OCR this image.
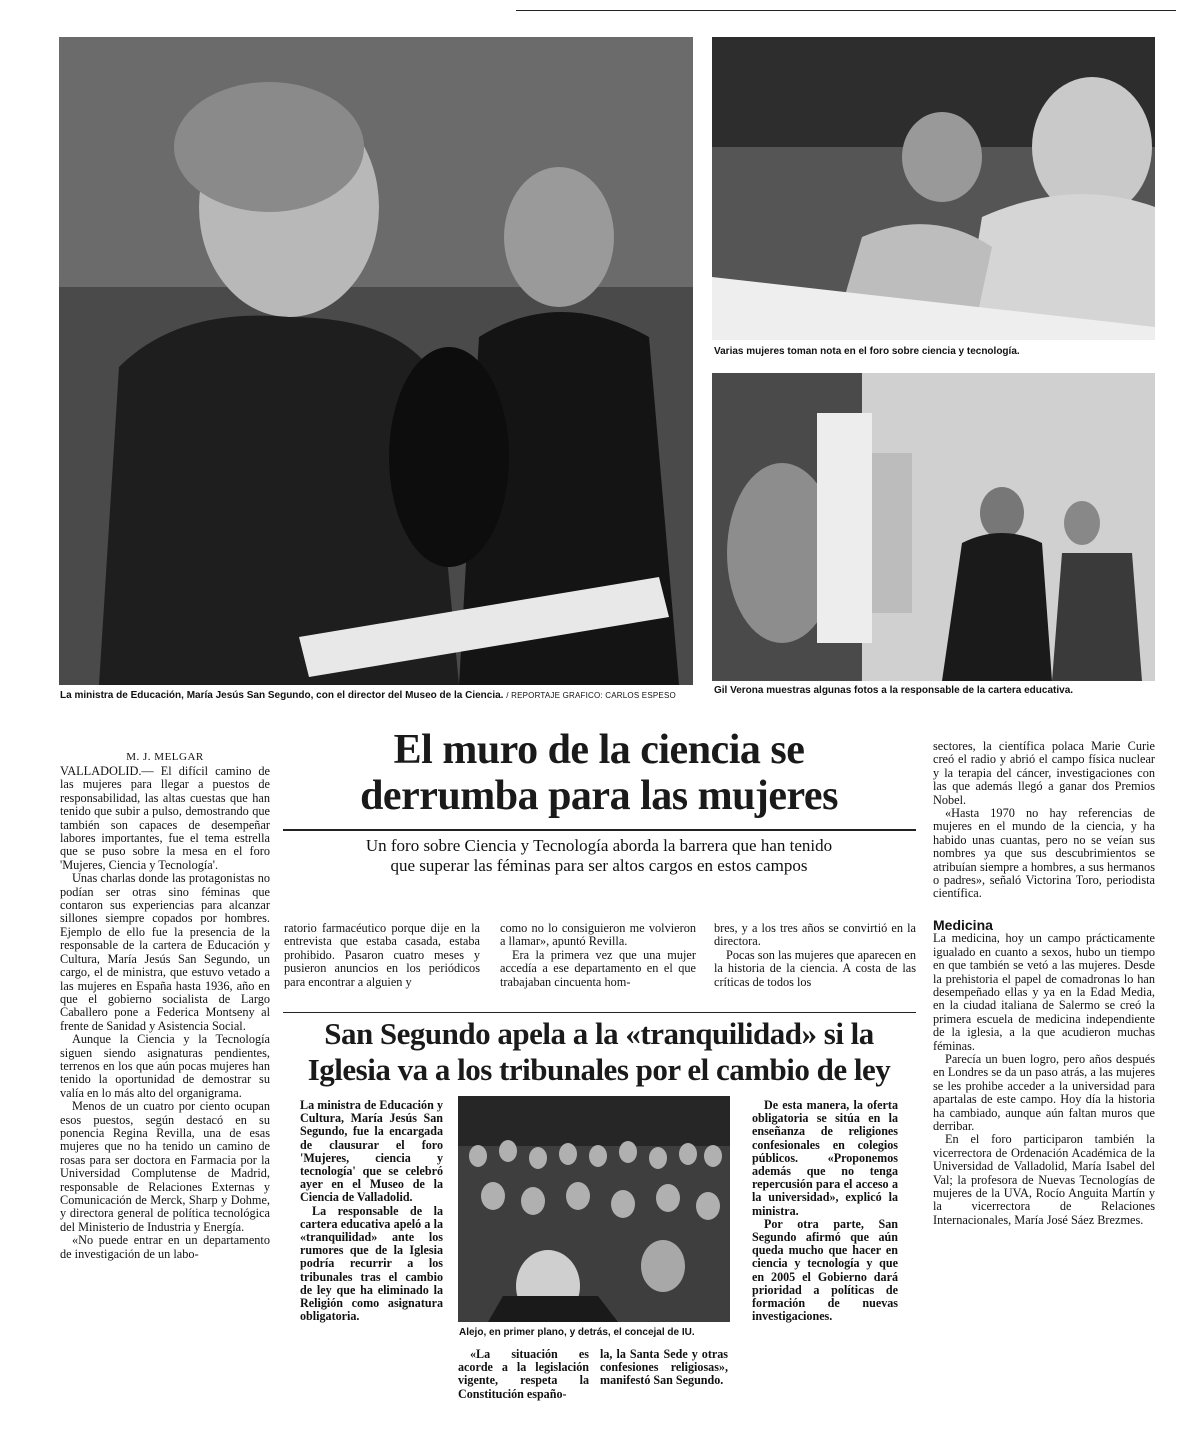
La ministra de Educación, María Jesús San Segundo, con el director del Museo de la Ciencia. / REPORTAJE GRAFICO: CARLOS ESPESO
Varias mujeres toman nota en el foro sobre ciencia y tecnología.
Gil Verona muestras algunas fotos a la responsable de la cartera educativa.
M. J. MELGAR	El muro de la ciencia se
derrumba para las mujeres
Un foro sobre Ciencia y Tecnología aborda la barrera que han tenido
que superar las féminas para ser altos cargos en estos campos

VALLADOLID.— El difícil camino de las mujeres para llegar a puestos de responsabilidad, las altas cuestas que han tenido que subir a pulso, demostrando que también son capaces de desempeñar labores importantes, fue el tema estrella que se puso sobre la mesa en el foro 'Mujeres, Ciencia y Tecnología'.

Unas charlas donde las protagonistas no podían ser otras sino féminas que contaron sus experiencias para alcanzar sillones siempre copados por hombres. Ejemplo de ello fue la presencia de la responsable de la cartera de Educación y Cultura, María Jesús San Segundo, un cargo, el de ministra, que estuvo vetado a las mujeres en España hasta 1936, año en que el gobierno socialista de Largo Caballero pone a Federica Montseny al frente de Sanidad y Asistencia Social.

Aunque la Ciencia y la Tecnología siguen siendo asignaturas pendientes, terrenos en los que aún pocas mujeres han tenido la oportunidad de demostrar su valía en lo más alto del organigrama.

Menos de un cuatro por ciento ocupan esos puestos, según destacó en su ponencia Regina Revilla, una de esas mujeres que no ha tenido un camino de rosas para ser doctora en Farmacia por la Universidad Complutense de Madrid, responsable de Relaciones Externas y Comunicación de Merck, Sharp y Dohme, y directora general de política tecnológica del Ministerio de Industria y Energía.

«No puede entrar en un departamento de investigación de un labo-

ratorio farmacéutico porque dije en la entrevista que estaba casada, estaba prohibido. Pasaron cuatro meses y pusieron anuncios en los periódicos para encontrar a alguien y

como no lo consiguieron me volvieron a llamar», apuntó Revilla.

Era la primera vez que una mujer accedía a ese departamento en el que trabajaban cincuenta hom-

bres, y a los tres años se convirtió en la directora.

Pocas son las mujeres que aparecen en la historia de la ciencia. A costa de las críticas de todos los

sectores, la científica polaca Marie Curie creó el radio y abrió el campo física nuclear y la terapia del cáncer, investigaciones con las que además llegó a ganar dos Premios Nobel.

«Hasta 1970 no hay referencias de mujeres en el mundo de la ciencia, y ha habido unas cuantas, pero no se veían sus nombres ya que sus descubrimientos se atribuían siempre a hombres, a sus hermanos o padres», señaló Victorina Toro, periodista científica.

Medicina

La medicina, hoy un campo prácticamente igualado en cuanto a sexos, hubo un tiempo en que también se vetó a las mujeres. Desde la prehistoria el papel de comadronas lo han desempeñado ellas y ya en la Edad Media, en la ciudad italiana de Salermo se creó la primera escuela de medicina independiente de la iglesia, a la que acudieron muchas féminas.

Parecía un buen logro, pero años después en Londres se da un paso atrás, a las mujeres se les prohibe acceder a la universidad para apartalas de este campo. Hoy día la historia ha cambiado, aunque aún faltan muros que derribar.

En el foro participaron también la vicerrectora de Ordenación Académica de la Universidad de Valladolid, María Isabel del Val; la profesora de Nuevas Tecnologías de mujeres de la UVA, Rocío Anguita Martín y la vicerrectora de Relaciones Internacionales, María José Sáez Brezmes.

San Segundo apela a la «tranquilidad» si la
Iglesia va a los tribunales por el cambio de ley

La ministra de Educación y Cultura, María Jesús San Segundo, fue la encargada de clausurar el foro 'Mujeres, ciencia y tecnología' que se celebró ayer en el Museo de la Ciencia de Valladolid.

La responsable de la cartera educativa apeló a la «tranquilidad» ante los rumores que de la Iglesia podría recurrir a los tribunales tras el cambio de ley que ha eliminado la Religión como asignatura obligatoria.

Alejo, en primer plano, y detrás, el concejal de IU.

«La situación es acorde a la legislación vigente, respeta la Constitución españo-

la, la Santa Sede y otras confesiones religiosas», manifestó San Segundo.

De esta manera, la oferta obligatoria se sitúa en la enseñanza de religiones confesionales en colegios públicos. «Proponemos además que no tenga repercusión para el acceso a la universidad», explicó la ministra.

Por otra parte, San Segundo afirmó que aún queda mucho que hacer en ciencia y tecnología y que en 2005 el Gobierno dará prioridad a políticas de formación de nuevas investigaciones.
